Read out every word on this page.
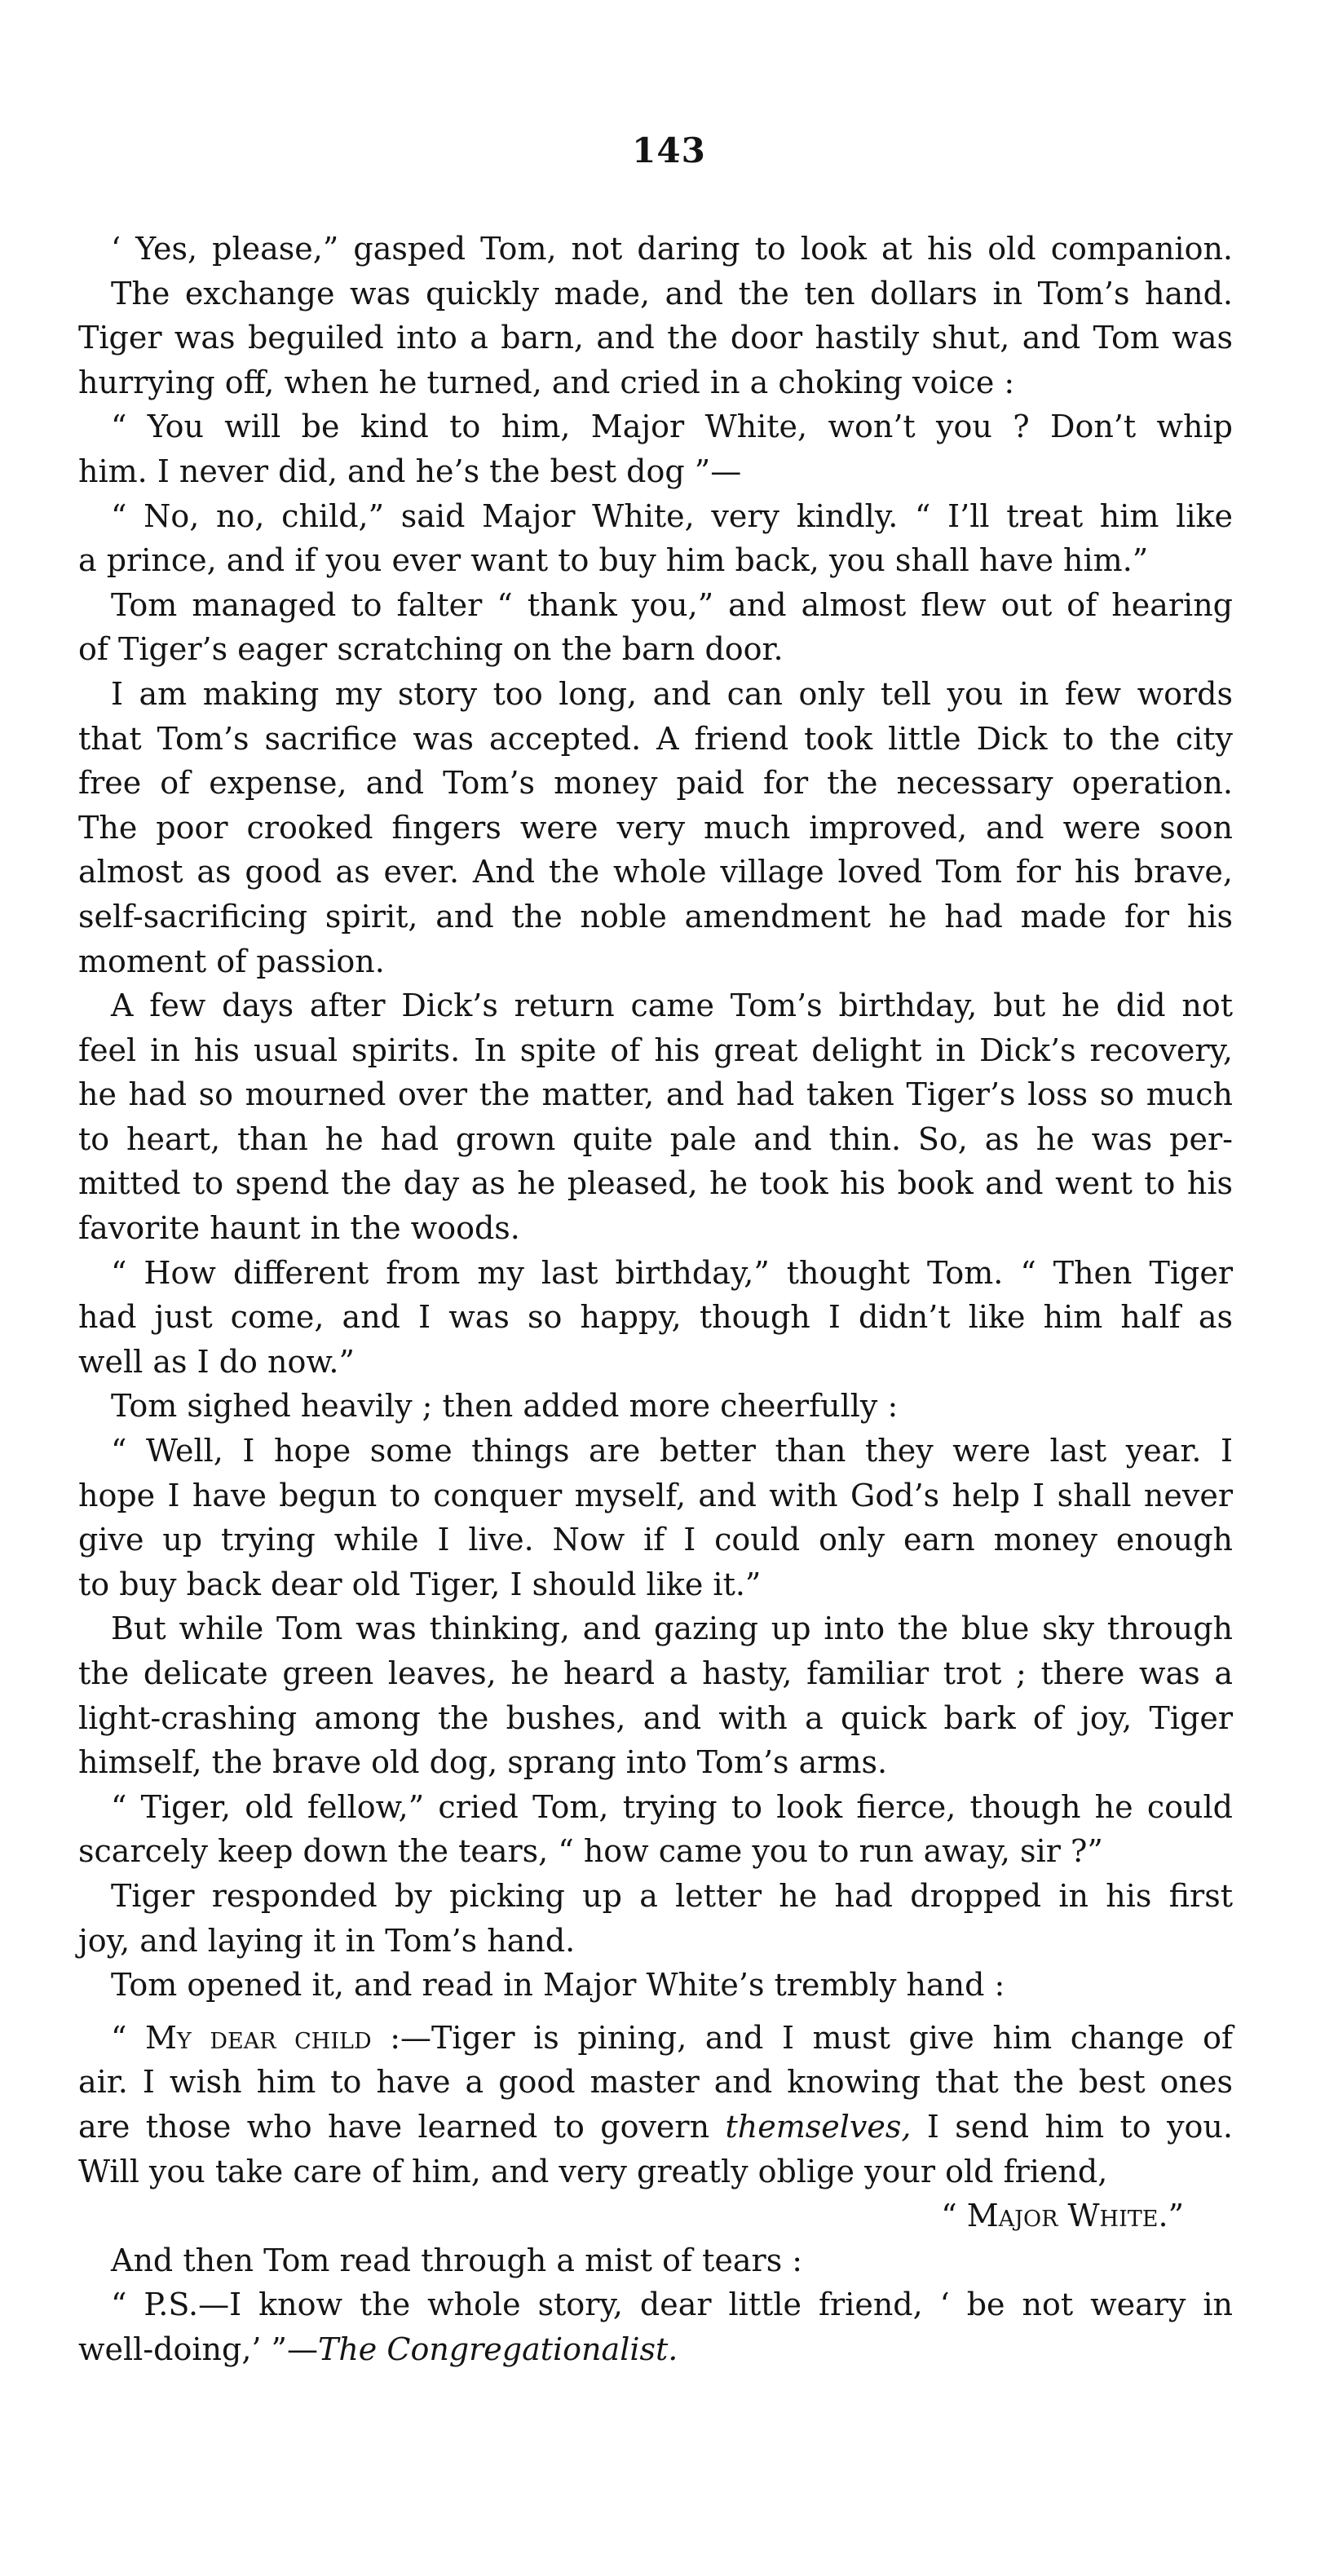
143
‘ Yes, please,” gasped Tom, not daring to look at his old companion.
The exchange was quickly made, and the ten dollars in Tom’s hand.
Tiger was beguiled into a barn, and the door hastily shut, and Tom was
hurrying off, when he turned, and cried in a choking voice :
“ You will be kind to him, Major White, won’t you ? Don’t whip
him. I never did, and he’s the best dog ”—
“ No, no, child,” said Major White, very kindly. “ I’ll treat him like
a prince, and if you ever want to buy him back, you shall have him.”
Tom managed to falter “ thank you,” and almost flew out of hearing
of Tiger’s eager scratching on the barn door.
I am making my story too long, and can only tell you in few words
that Tom’s sacrifice was accepted. A friend took little Dick to the city
free of expense, and Tom’s money paid for the necessary operation.
The poor crooked fingers were very much improved, and were soon
almost as good as ever. And the whole village loved Tom for his brave,
self-sacrificing spirit, and the noble amendment he had made for his
moment of passion.
A few days after Dick’s return came Tom’s birthday, but he did not
feel in his usual spirits. In spite of his great delight in Dick’s recovery,
he had so mourned over the matter, and had taken Tiger’s loss so much
to heart, than he had grown quite pale and thin. So, as he was per-
mitted to spend the day as he pleased, he took his book and went to his
favorite haunt in the woods.
“ How different from my last birthday,” thought Tom. “ Then Tiger
had just come, and I was so happy, though I didn’t like him half as
well as I do now.”
Tom sighed heavily ; then added more cheerfully :
“ Well, I hope some things are better than they were last year. I
hope I have begun to conquer myself, and with God’s help I shall never
give up trying while I live. Now if I could only earn money enough
to buy back dear old Tiger, I should like it.”
But while Tom was thinking, and gazing up into the blue sky through
the delicate green leaves, he heard a hasty, familiar trot ; there was a
light-crashing among the bushes, and with a quick bark of joy, Tiger
himself, the brave old dog, sprang into Tom’s arms.
“ Tiger, old fellow,” cried Tom, trying to look fierce, though he could
scarcely keep down the tears, “ how came you to run away, sir ?”
Tiger responded by picking up a letter he had dropped in his first
joy, and laying it in Tom’s hand.
Tom opened it, and read in Major White’s trembly hand :
“ My dear child :—Tiger is pining, and I must give him change of
air. I wish him to have a good master and knowing that the best ones
are those who have learned to govern themselves, I send him to you.
Will you take care of him, and very greatly oblige your old friend,
“ Major White.”
And then Tom read through a mist of tears :
“ P.S.—I know the whole story, dear little friend, ‘ be not weary in
well-doing,’ ”—The Congregationalist.
